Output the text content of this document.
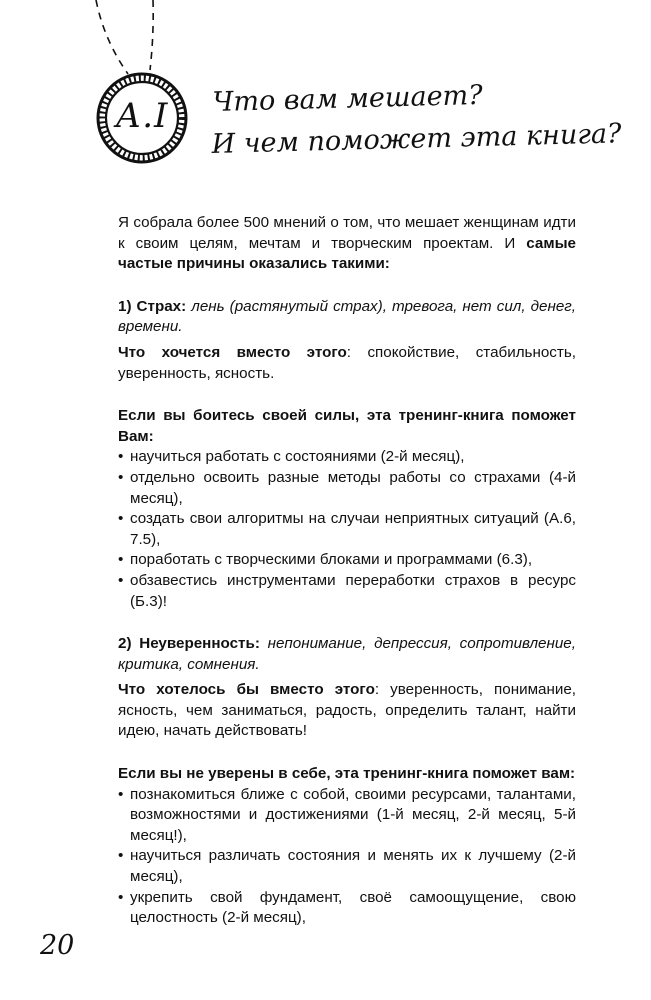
А.I	Что вам мешает?
И чем поможет эта книга?

Я собрала более 500 мнений о том, что мешает женщинам идти к своим целям, мечтам и творческим проектам. И самые частые причины оказались такими:

1) Страх: лень (растянутый страх), тревога, нет сил, денег, времени.

Что хочется вместо этого: спокойствие, стабильность, уверенность, ясность.

Если вы боитесь своей силы, эта тренинг-книга поможет Вам:

• научиться работать с состояниями (2-й месяц),
• отдельно освоить разные методы работы со страхами (4-й месяц),
• создать свои алгоритмы на случаи неприятных ситуаций (А.6, 7.5),
• поработать с творческими блоками и программами (6.3),
• обзавестись инструментами переработки страхов в ресурс (Б.3)!

2) Неуверенность: непонимание, депрессия, сопротивление, критика, сомнения.

Что хотелось бы вместо этого: уверенность, понимание, ясность, чем заниматься, радость, определить талант, найти идею, начать действовать!

Если вы не уверены в себе, эта тренинг-книга поможет вам:

• познакомиться ближе с собой, своими ресурсами, талантами, возможностями и достижениями (1-й месяц, 2-й месяц, 5-й месяц!),
• научиться различать состояния и менять их к лучшему (2-й месяц),
• укрепить свой фундамент, своё самоощущение, свою целостность (2-й месяц),
20
